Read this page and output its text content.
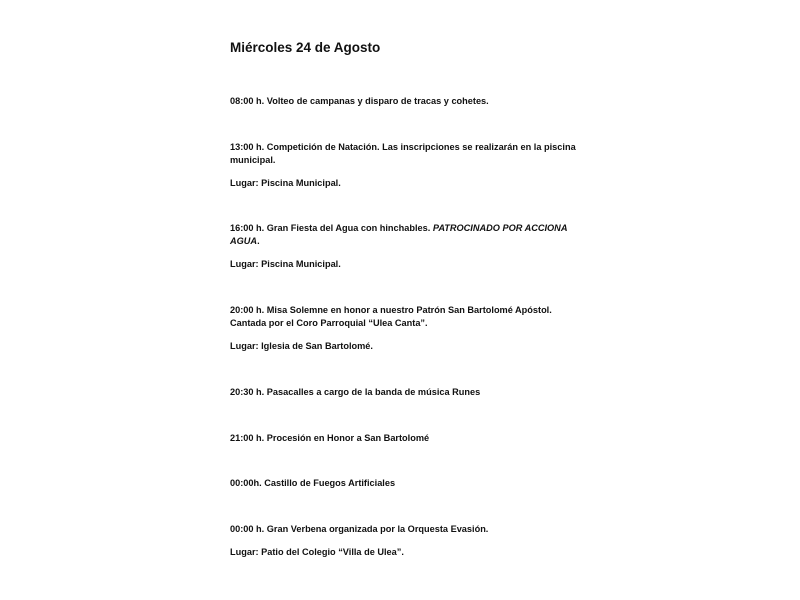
Miércoles 24 de Agosto
08:00 h. Volteo de campanas y disparo de tracas y cohetes.
13:00 h. Competición de Natación. Las inscripciones se realizarán en la piscina municipal.
Lugar: Piscina Municipal.
16:00 h. Gran Fiesta del Agua con hinchables. PATROCINADO POR ACCIONA AGUA.
Lugar: Piscina Municipal.
20:00 h. Misa Solemne en honor a nuestro Patrón San Bartolomé Apóstol.
Cantada por el Coro Parroquial “Ulea Canta”.
Lugar: Iglesia de San Bartolomé.
20:30 h. Pasacalles a cargo de la banda de música Runes
21:00 h. Procesión en Honor a San Bartolomé
00:00h. Castillo de Fuegos Artificiales
00:00 h. Gran Verbena organizada por la Orquesta Evasión.
Lugar: Patio del Colegio “Villa de Ulea”.
